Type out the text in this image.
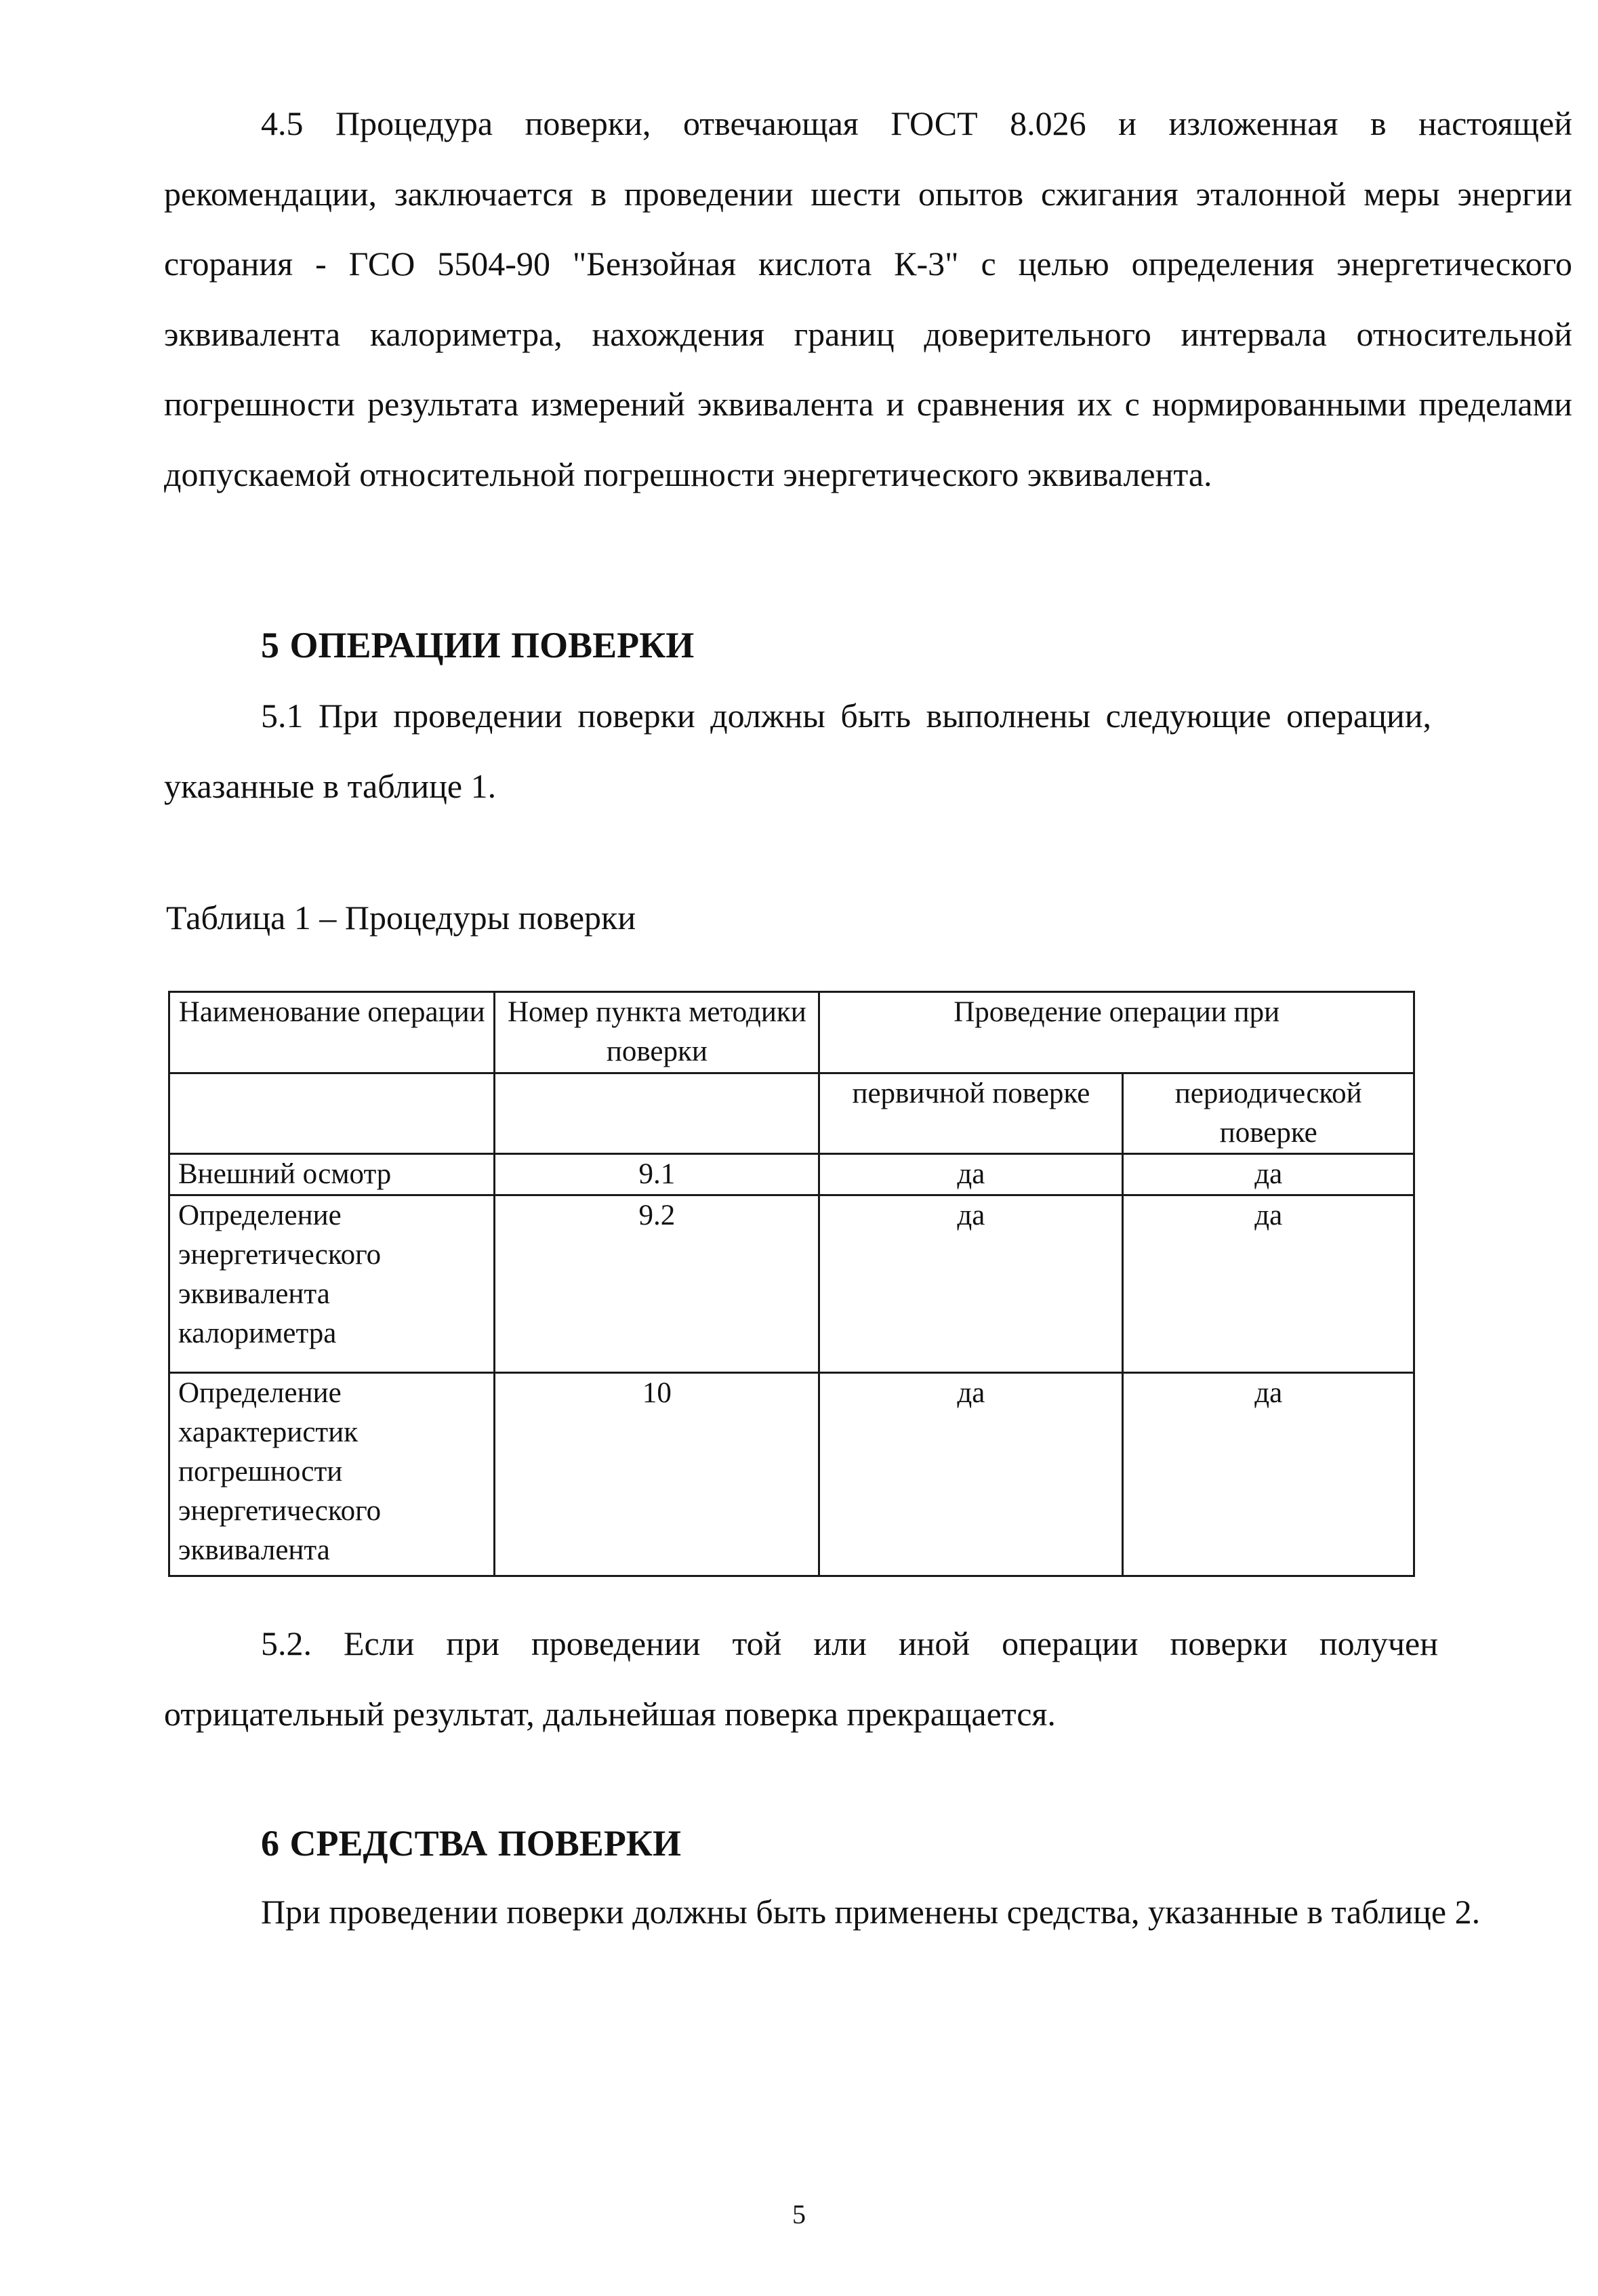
4.5 Процедура поверки, отвечающая ГОСТ 8.026 и изложенная в настоящей рекомендации, заключается в проведении шести опытов сжигания эталонной меры энергии сгорания - ГСО 5504-90 "Бензойная кислота К-3" с целью определения энергетического эквивалента калориметра, нахождения границ доверительного интервала относительной погрешности результата измерений эквивалента и сравнения их с нормированными пределами допускаемой относительной погрешности энергетического эквивалента.

5 ОПЕРАЦИИ ПОВЕРКИ

5.1 При проведении поверки должны быть выполнены следующие операции, указанные в таблице 1.

Таблица 1 – Процедуры поверки
Наименование операции	Номер пункта методики поверки	Проведение операции при	
		первичной поверке	периодической поверке
Внешний осмотр	9.1	да	да
Определение энергетического эквивалента калориметра	9.2	да	да
Определение характеристик погрешности энергетического эквивалента	10	да	да

5.2. Если при проведении той или иной операции поверки получен отрицательный результат, дальнейшая поверка прекращается.

6 СРЕДСТВА ПОВЕРКИ

При проведении поверки должны быть применены средства, указанные в таблице 2.

5
